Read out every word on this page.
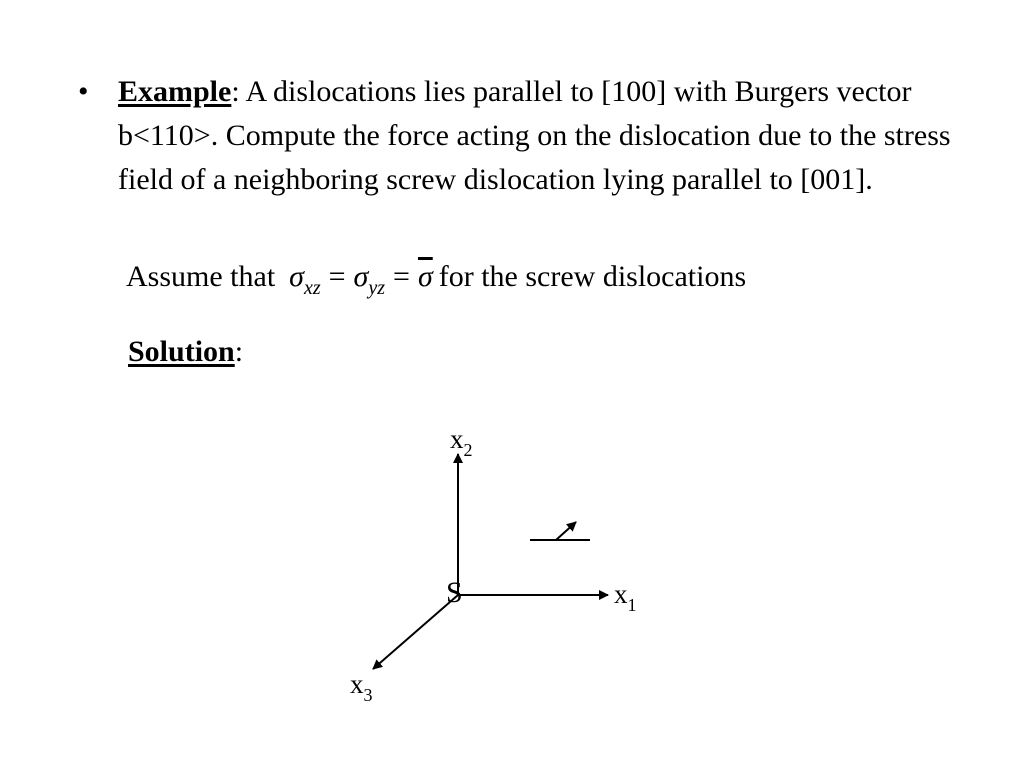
• Example: A dislocations lies parallel to [100] with Burgers vector b<110>. Compute the force acting on the dislocation due to the stress field of a neighboring screw dislocation lying parallel to [001].
Assume that $\sigma_{xz} = \sigma_{yz} = \overline{\sigma}$ for the screw dislocations
Solution:
$x_2$
$x_1$
$x_3$
S
